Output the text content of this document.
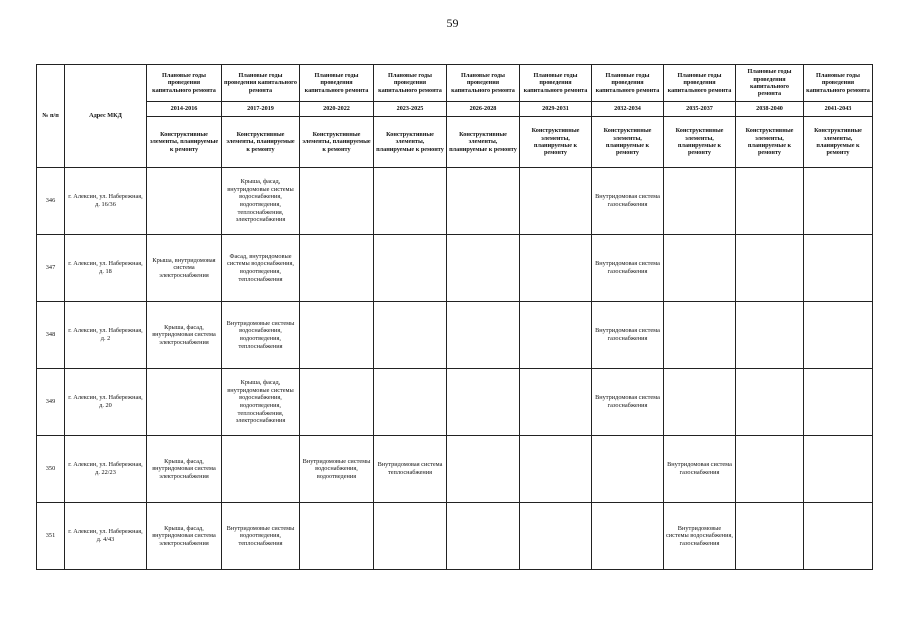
59
№ п/п	Адрес МКД	Плановые годы проведения капитального ремонта	Плановые годы проведения капитального ремонта	Плановые годы проведения капитального ремонта	Плановые годы проведения капитального ремонта	Плановые годы проведения капитального ремонта	Плановые годы проведения капитального ремонта	Плановые годы проведения капитального ремонта	Плановые годы проведения капитального ремонта	Плановые годы проведения капитального ремонта	Плановые годы проведения капитального ремонта
		2014-2016	2017-2019	2020-2022	2023-2025	2026-2028	2029-2031	2032-2034	2035-2037	2038-2040	2041-2043
		Конструктивные элементы, планируемые к ремонту	Конструктивные элементы, планируемые к ремонту	Конструктивные элементы, планируемые к ремонту	Конструктивные элементы, планируемые к ремонту	Конструктивные элементы, планируемые к ремонту	Конструктивные элементы, планируемые к ремонту	Конструктивные элементы, планируемые к ремонту	Конструктивные элементы, планируемые к ремонту	Конструктивные элементы, планируемые к ремонту	Конструктивные элементы, планируемые к ремонту
346	г. Алексин, ул. Набережная, д. 16/36		Крыша, фасад, внутридомовые системы водоснабжения, водоотведения, теплоснабжения, электроснабжения					Внутридомовая система газоснабжения			
347	г. Алексин, ул. Набережная, д. 18	Крыша, внутридомовая система электроснабжения	Фасад, внутридомовые системы водоснабжения, водоотведения, теплоснабжения					Внутридомовая система газоснабжения			
348	г. Алексин, ул. Набережная, д. 2	Крыша, фасад, внутридомовая система электроснабжения	Внутридомовые системы водоснабжения, водоотведения, теплоснабжения					Внутридомовая система газоснабжения			
349	г. Алексин, ул. Набережная, д. 20		Крыша, фасад, внутридомовые системы водоснабжения, водоотведения, теплоснабжения, электроснабжения					Внутридомовая система газоснабжения			
350	г. Алексин, ул. Набережная, д. 22/23	Крыша, фасад, внутридомовая система электроснабжения		Внутридомовые системы водоснабжения, водоотведения	Внутридомовая система теплоснабжения				Внутридомовая система газоснабжения		
351	г. Алексин, ул. Набережная, д. 4/43	Крыша, фасад, внутридомовая система электроснабжения	Внутридомовые системы водоотведения, теплоснабжения						Внутридомовые системы водоснабжения, газоснабжения		
